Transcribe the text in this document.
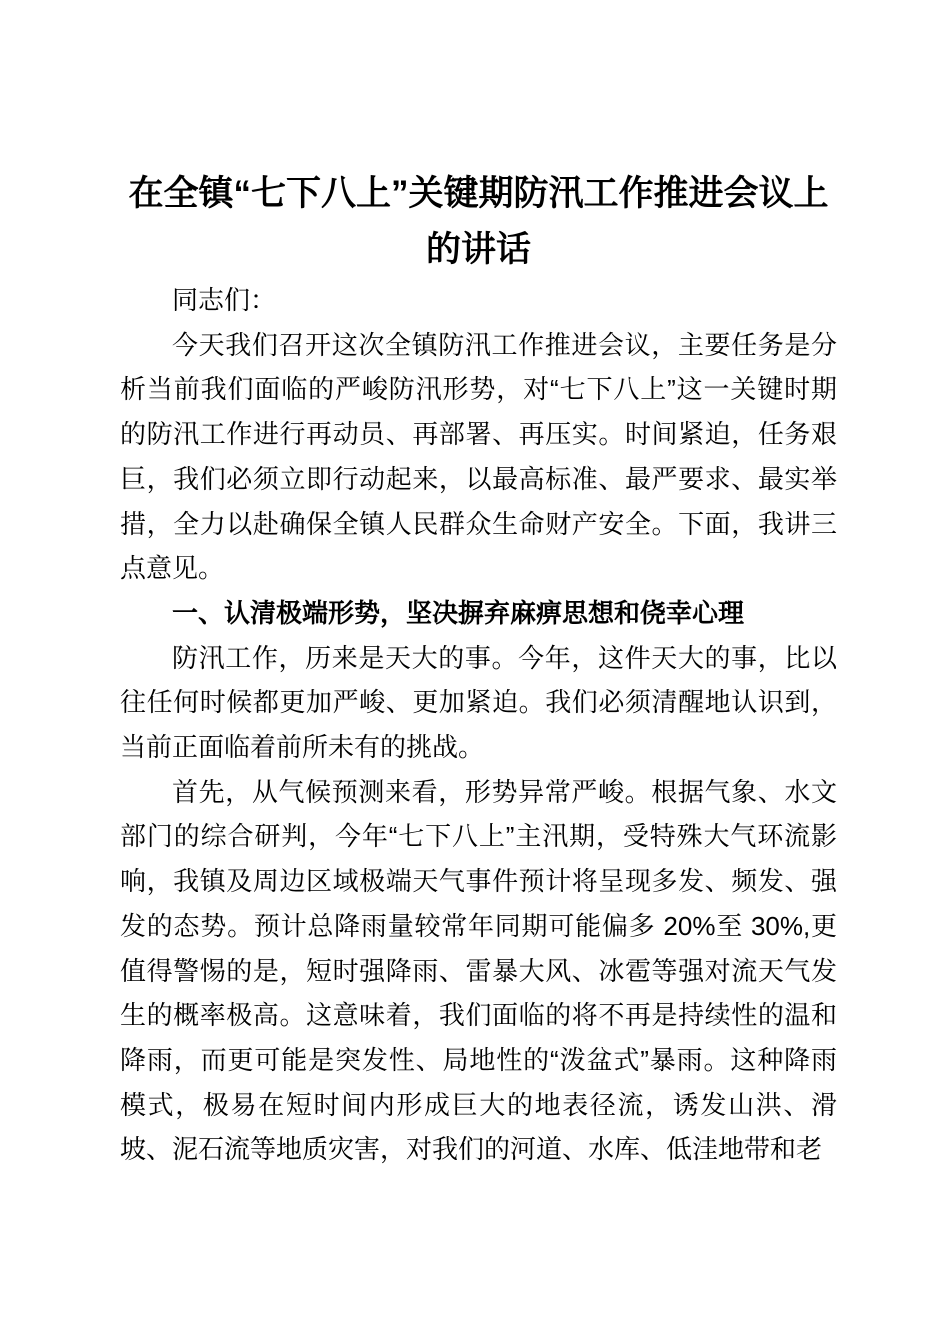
在全镇“七下八上”关键期防汛工作推进会议上的讲话

同志们：

今天我们召开这次全镇防汛工作推进会议，主要任务是分析当前我们面临的严峻防汛形势，对“七下八上”这一关键时期的防汛工作进行再动员、再部署、再压实。时间紧迫，任务艰巨，我们必须立即行动起来，以最高标准、最严要求、最实举措，全力以赴确保全镇人民群众生命财产安全。下面，我讲三点意见。

一、认清极端形势，坚决摒弃麻痹思想和侥幸心理

防汛工作，历来是天大的事。今年，这件天大的事，比以往任何时候都更加严峻、更加紧迫。我们必须清醒地认识到，当前正面临着前所未有的挑战。

首先，从气候预测来看，形势异常严峻。根据气象、水文部门的综合研判，今年“七下八上”主汛期，受特殊大气环流影响，我镇及周边区域极端天气事件预计将呈现多发、频发、强发的态势。预计总降雨量较常年同期可能偏多 20%至 30%,更值得警惕的是，短时强降雨、雷暴大风、冰雹等强对流天气发生的概率极高。这意味着，我们面临的将不再是持续性的温和降雨，而更可能是突发性、局地性的“泼盆式”暴雨。这种降雨模式，极易在短时间内形成巨大的地表径流，诱发山洪、滑坡、泥石流等地质灾害，对我们的河道、水库、低洼地带和老
